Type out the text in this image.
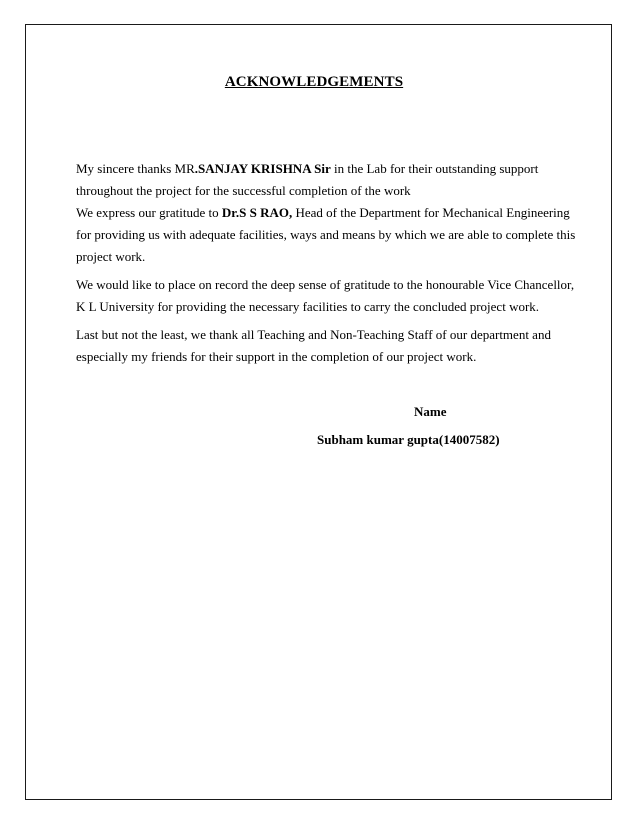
ACKNOWLEDGEMENTS

My sincere thanks MR.SANJAY KRISHNA Sir in the Lab for their outstanding support
throughout the project for the successful completion of the work

We express our gratitude to Dr.S S RAO, Head of the Department for Mechanical Engineering
for providing us with adequate facilities, ways and means by which we are able to complete this
project work.

We would like to place on record the deep sense of gratitude to the honourable Vice Chancellor,
K L University for providing the necessary facilities to carry the concluded project work.

Last but not the least, we thank all Teaching and Non-Teaching Staff of our department and
especially my friends for their support in the completion of our project work.

Name
Subham kumar gupta(14007582)
